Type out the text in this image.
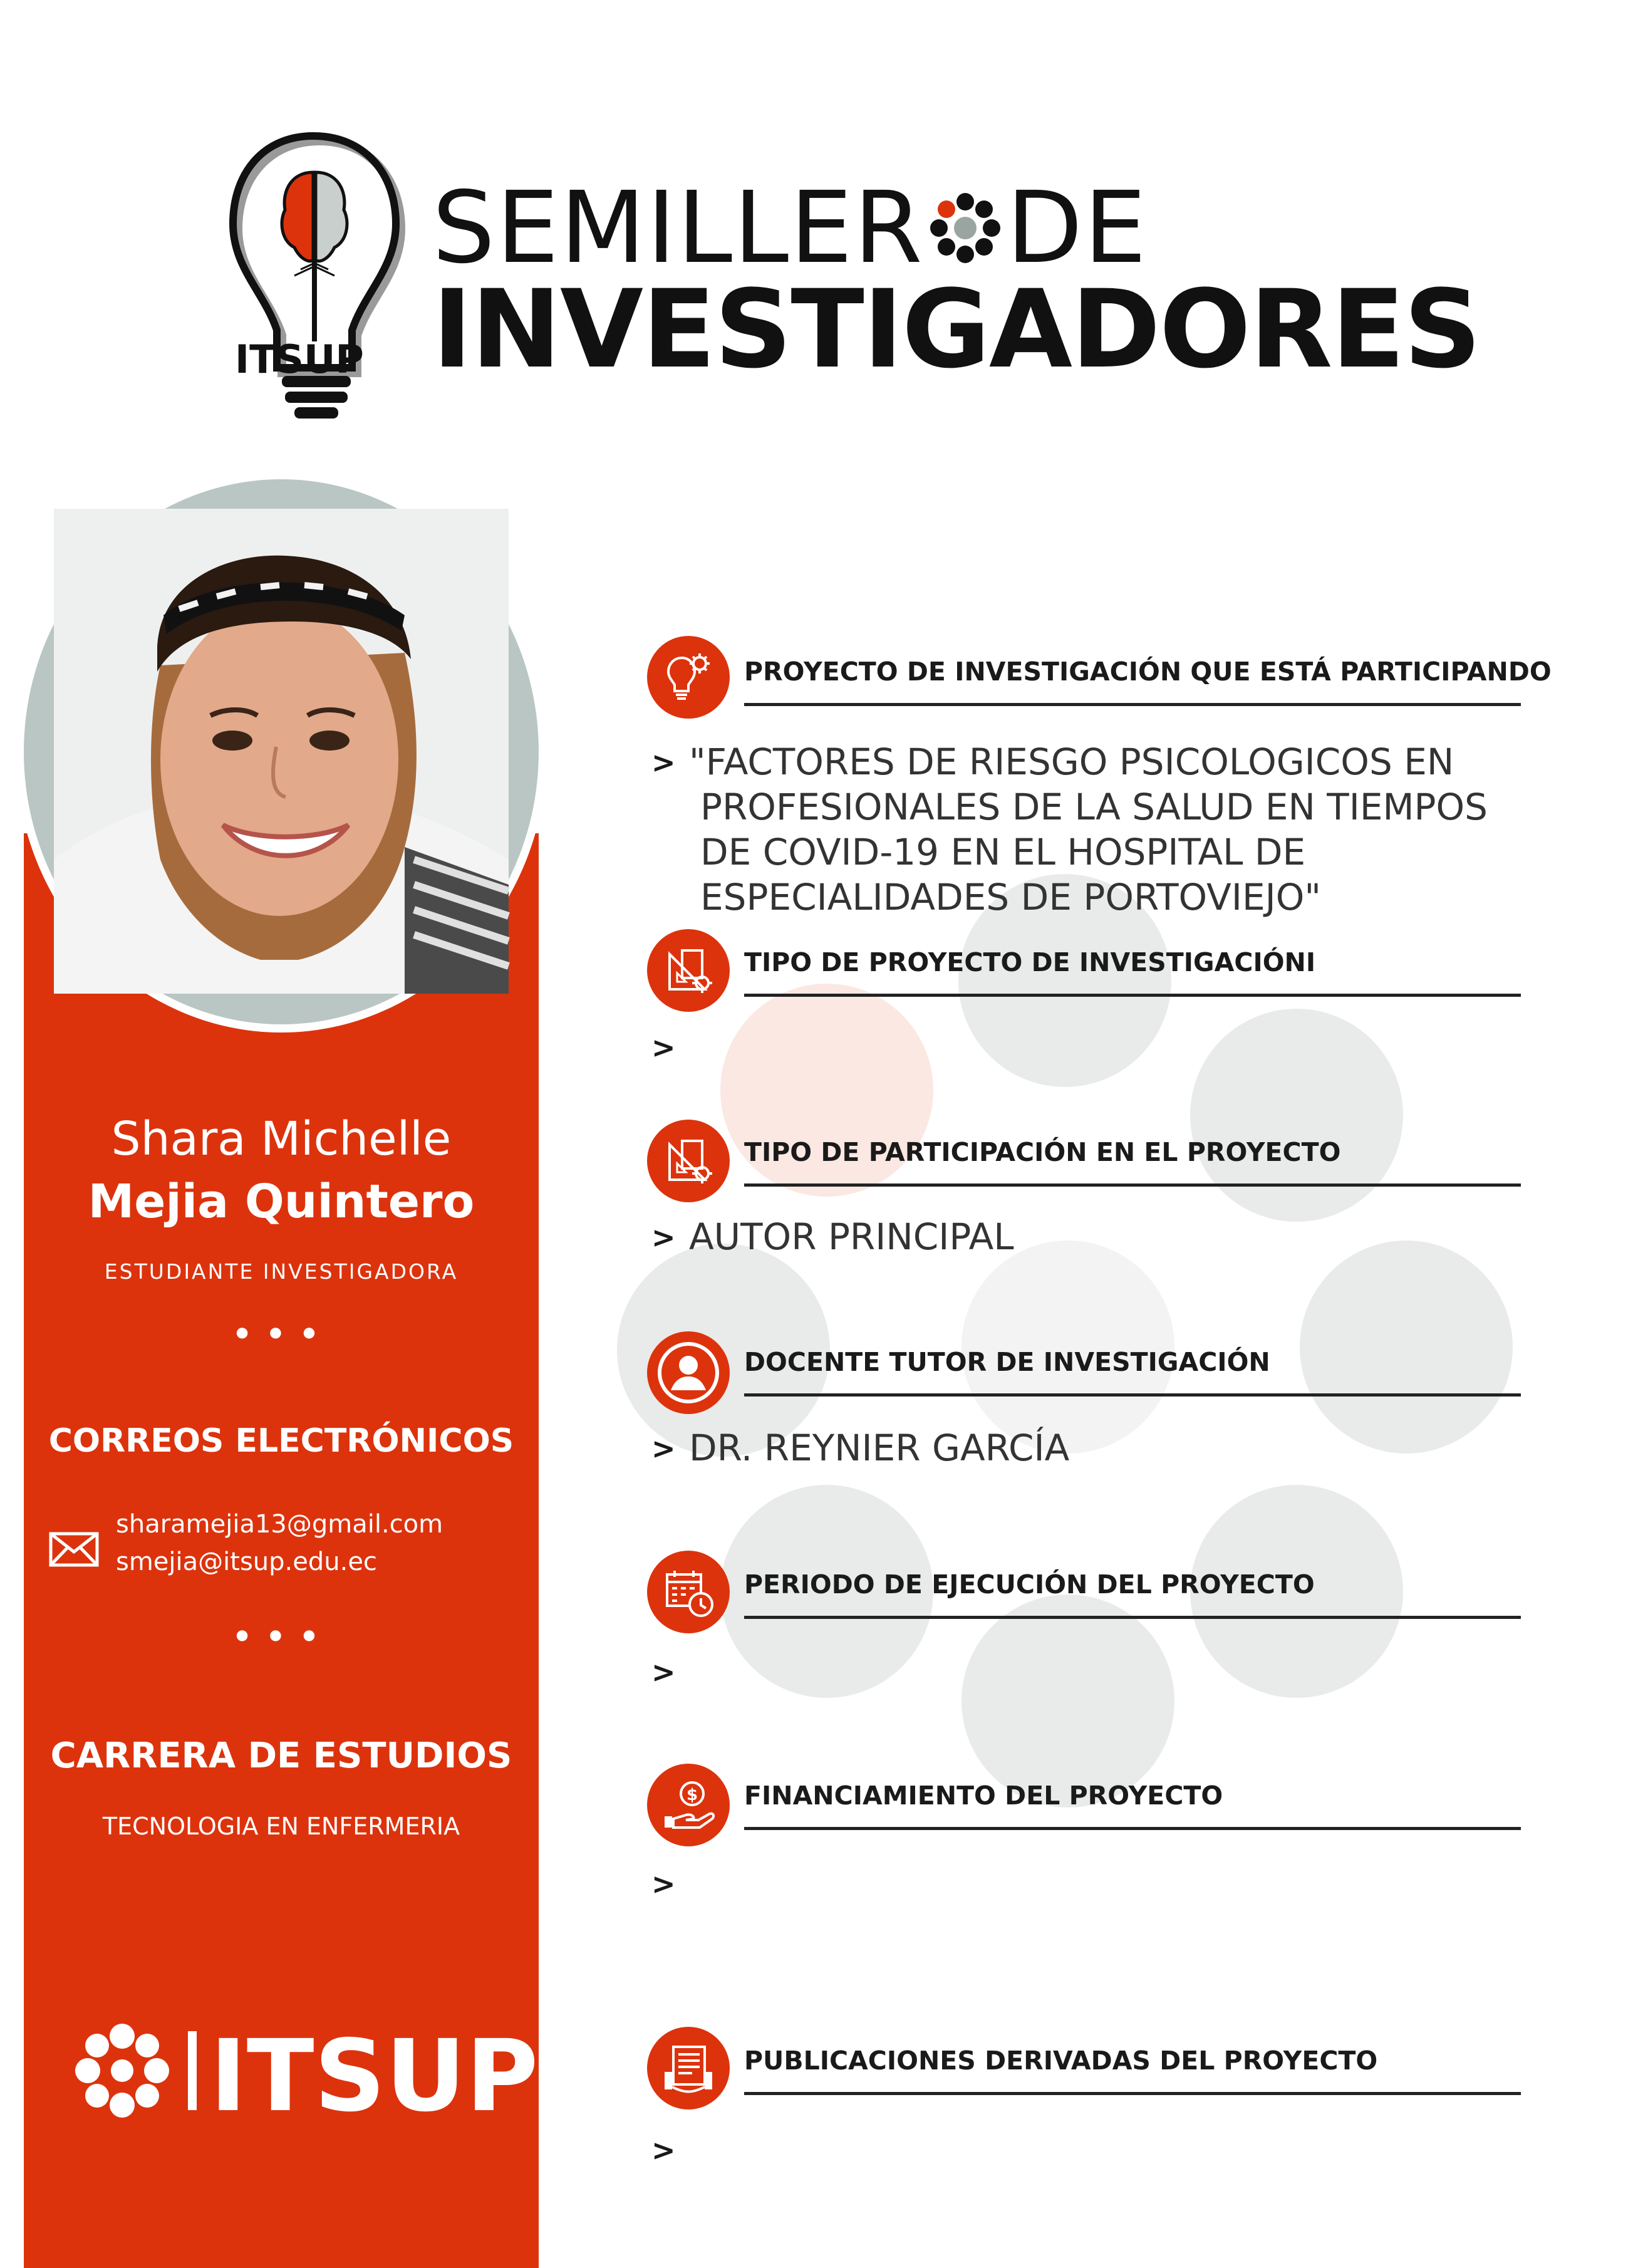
ITSUP
SEMILLER DE
INVESTIGADORES
Shara Michelle
Mejia Quintero
ESTUDIANTE INVESTIGADORA
•••
CORREOS ELECTRÓNICOS
sharamejia13@gmail.com
smejia@itsup.edu.ec
•••
CARRERA DE ESTUDIOS
TECNOLOGIA EN ENFERMERIA
ITSUP
PROYECTO DE INVESTIGACIÓN QUE ESTÁ PARTICIPANDO
> "FACTORES DE RIESGO PSICOLOGICOS EN
PROFESIONALES DE LA SALUD EN TIEMPOS
DE COVID-19 EN EL HOSPITAL DE
ESPECIALIDADES DE PORTOVIEJO"
TIPO DE PROYECTO DE INVESTIGACIÓNI
>
TIPO DE PARTICIPACIÓN EN EL PROYECTO
> AUTOR PRINCIPAL
DOCENTE TUTOR DE INVESTIGACIÓN
> DR. REYNIER GARCÍA
PERIODO DE EJECUCIÓN DEL PROYECTO
>
$ FINANCIAMIENTO DEL PROYECTO
>
PUBLICACIONES DERIVADAS DEL PROYECTO
>
